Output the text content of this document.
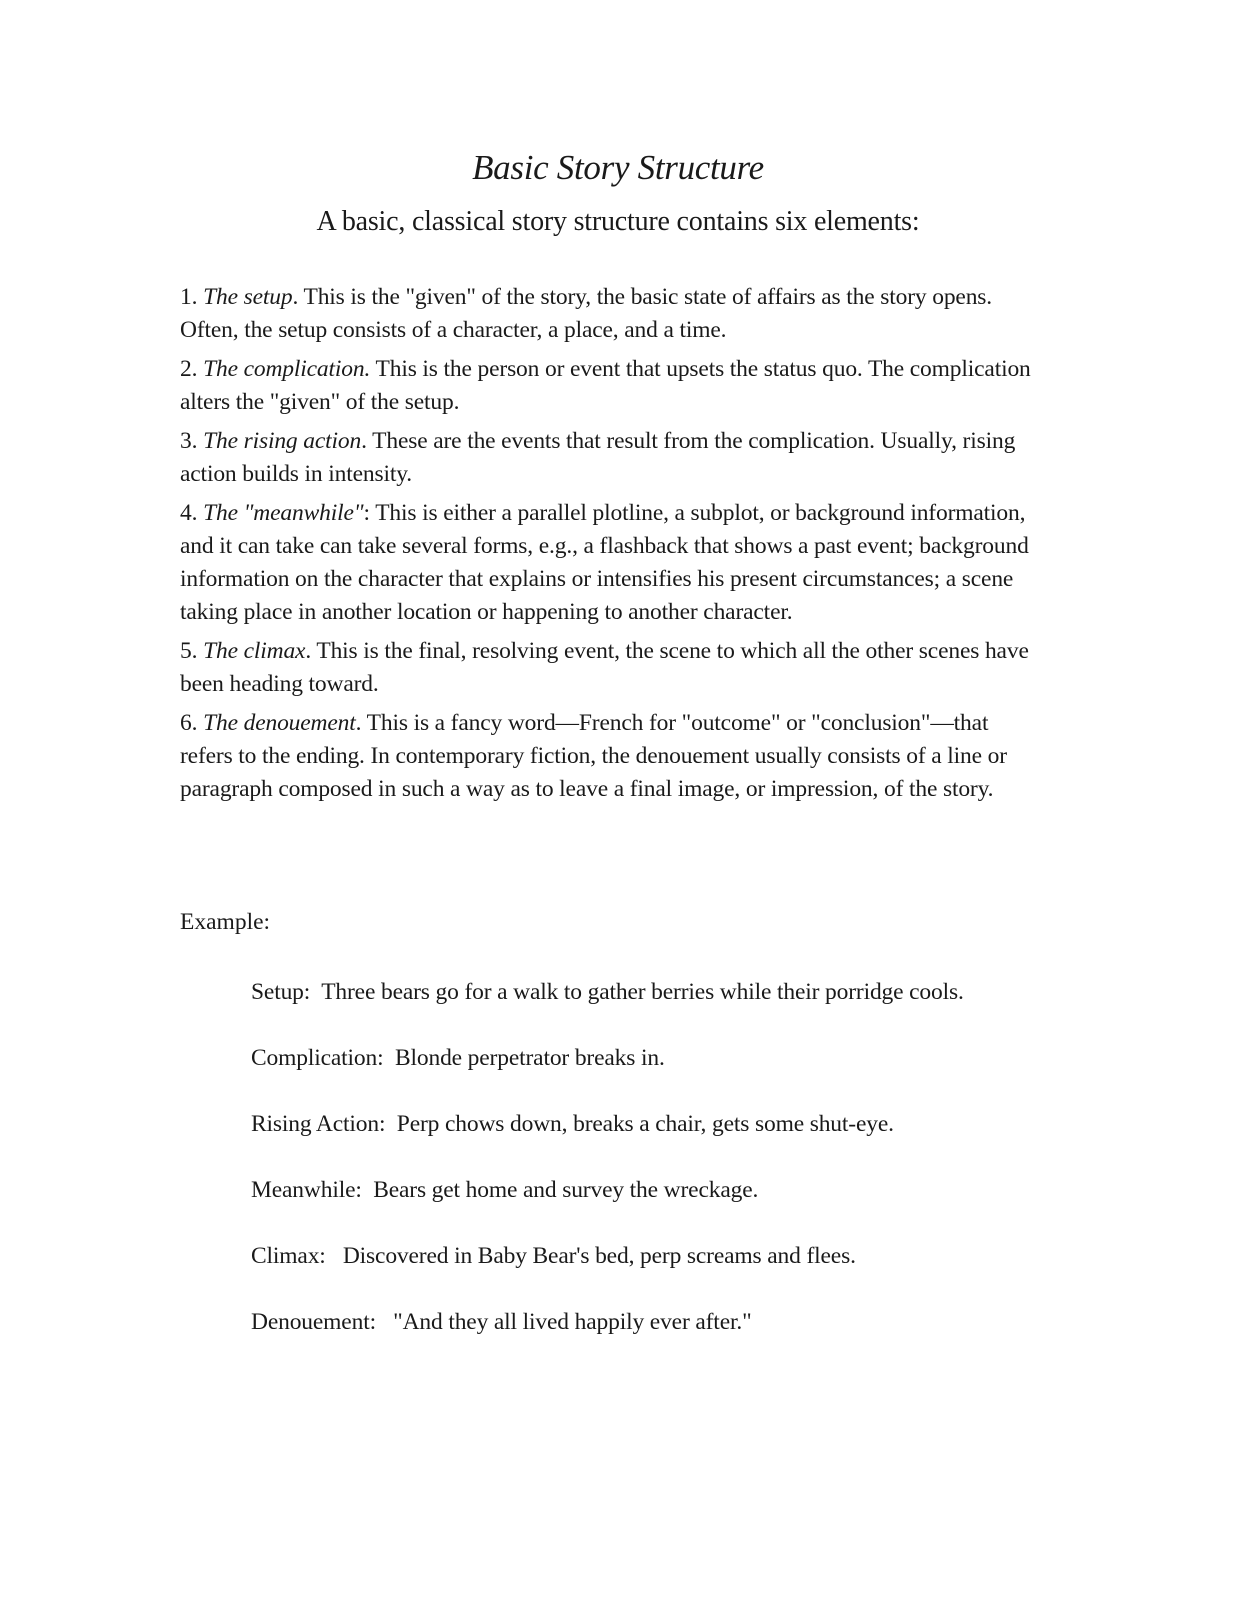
Basic Story Structure

A basic, classical story structure contains six elements:

1. The setup. This is the "given" of the story, the basic state of affairs as the story opens. Often, the setup consists of a character, a place, and a time.
2. The complication. This is the person or event that upsets the status quo. The complication alters the "given" of the setup.
3. The rising action. These are the events that result from the complication. Usually, rising action builds in intensity.
4. The "meanwhile": This is either a parallel plotline, a subplot, or background information, and it can take can take several forms, e.g., a flashback that shows a past event; background information on the character that explains or intensifies his present circumstances; a scene taking place in another location or happening to another character.
5. The climax. This is the final, resolving event, the scene to which all the other scenes have been heading toward.
6. The denouement. This is a fancy word—French for "outcome" or "conclusion"—that refers to the ending. In contemporary fiction, the denouement usually consists of a line or paragraph composed in such a way as to leave a final image, or impression, of the story.

Example:

Setup:  Three bears go for a walk to gather berries while their porridge cools.
Complication:  Blonde perpetrator breaks in.
Rising Action:  Perp chows down, breaks a chair, gets some shut-eye.
Meanwhile:  Bears get home and survey the wreckage.
Climax:   Discovered in Baby Bear's bed, perp screams and flees.
Denouement:   "And they all lived happily ever after."
